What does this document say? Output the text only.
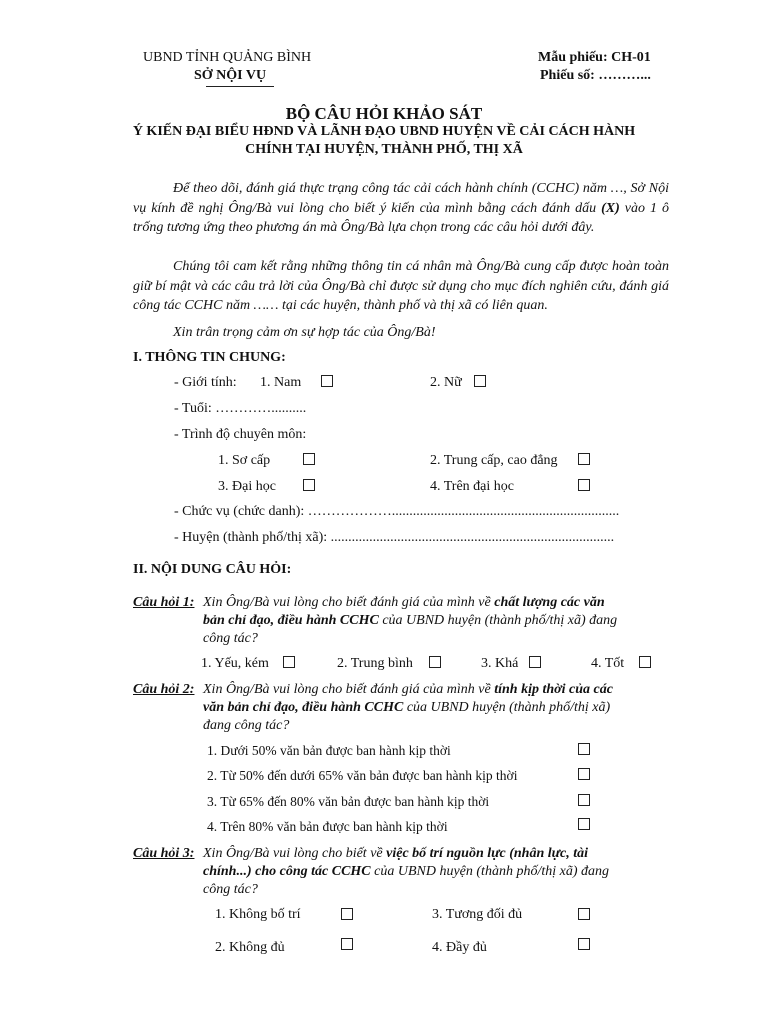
UBND TỈNH QUẢNG BÌNH
SỞ NỘI VỤ
Mẫu phiếu: CH-01
Phiếu số: ………...
BỘ CÂU HỎI KHẢO SÁT
Ý KIẾN ĐẠI BIỂU HĐND VÀ LÃNH ĐẠO UBND HUYỆN VỀ CẢI CÁCH HÀNH
CHÍNH TẠI HUYỆN, THÀNH PHỐ, THỊ XÃ
Để theo dõi, đánh giá thực trạng công tác cải cách hành chính (CCHC) năm …, Sở Nội vụ kính đề nghị Ông/Bà vui lòng cho biết ý kiến của mình bằng cách đánh dấu (X) vào 1 ô trống tương ứng theo phương án mà Ông/Bà lựa chọn trong các câu hỏi dưới đây.
Chúng tôi cam kết rằng những thông tin cá nhân mà Ông/Bà cung cấp được hoàn toàn giữ bí mật và các câu trả lời của Ông/Bà chỉ được sử dụng cho mục đích nghiên cứu, đánh giá công tác CCHC năm …… tại các huyện, thành phố và thị xã có liên quan.
Xin trân trọng cảm ơn sự hợp tác của Ông/Bà!
I. THÔNG TIN CHUNG:
- Giới tính: 1. Nam	2. Nữ
- Tuổi: …………..........
- Trình độ chuyên môn:
1. Sơ cấp	2. Trung cấp, cao đẳng
3. Đại học	4. Trên đại học
- Chức vụ (chức danh): ……………….................................................................
- Huyện (thành phố/thị xã): .................................................................................
II. NỘI DUNG CÂU HỎI:
Câu hỏi 1: Xin Ông/Bà vui lòng cho biết đánh giá của mình về chất lượng các văn
bản chỉ đạo, điều hành CCHC của UBND huyện (thành phố/thị xã) đang
công tác?
1. Yếu, kém	2. Trung bình	3. Khá	4. Tốt
Câu hỏi 2: Xin Ông/Bà vui lòng cho biết đánh giá của mình về tính kịp thời của các
văn bản chỉ đạo, điều hành CCHC của UBND huyện (thành phố/thị xã)
đang công tác?
1. Dưới 50% văn bản được ban hành kịp thời
2. Từ 50% đến dưới 65% văn bản được ban hành kịp thời
3. Từ 65% đến 80% văn bản được ban hành kịp thời
4. Trên 80% văn bản được ban hành kịp thời
Câu hỏi 3: Xin Ông/Bà vui lòng cho biết về việc bố trí nguồn lực (nhân lực, tài
chính...) cho công tác CCHC của UBND huyện (thành phố/thị xã) đang
công tác?
1. Không bố trí	3. Tương đối đủ
2. Không đủ	4. Đầy đủ
